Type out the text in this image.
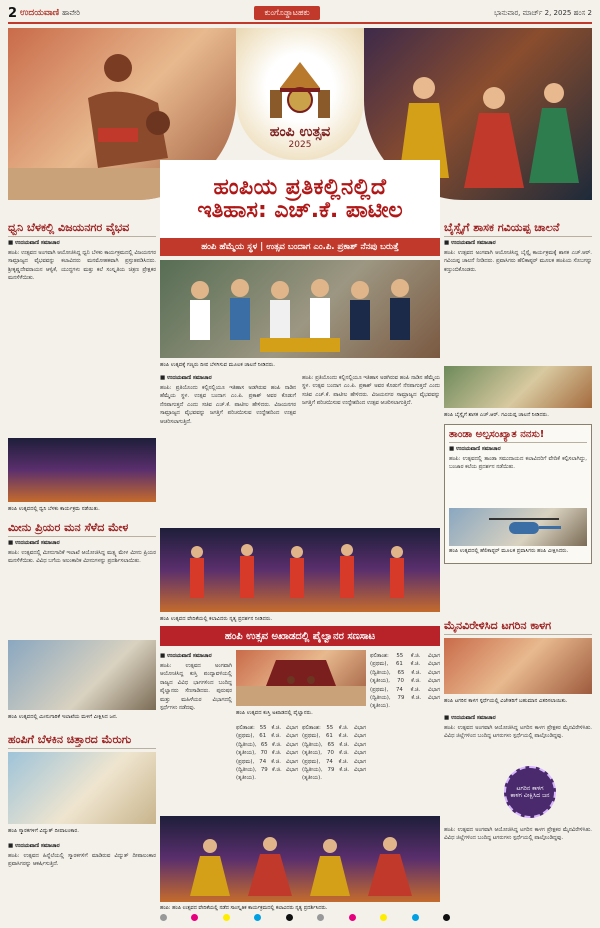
2 ಉದಯವಾಣಿ ಹಾವೇರಿ	ಕುಂಗೊಡ್ಡಾಟಹಕು	ಭಾನುವಾರ, ಮಾರ್ಚ್ 2, 2025 ಹಂಸ 2
ಹಂಪಿ ಉತ್ಸವ
2025
ಹಂಪಿಯ ಪ್ರತಿಕಲ್ಲಿನಲ್ಲಿದೆ
ಇತಿಹಾಸ: ಎಚ್.ಕೆ. ಪಾಟೀಲ
ಹಂಪಿ ಹೆಮ್ಮೆಯ ಸ್ಥಳ | ಉತ್ಸವ ಬಂದಾಗ ಎಂ.ಪಿ. ಪ್ರಕಾಶ್ ನೆನಪು ಬರುತ್ತೆ
ಧ್ವನಿ ಬೆಳಕಲ್ಲಿ ವಿಜಯನಗರ ವೈಭವ
■ ಉದಯವಾಣಿ ಸಮಾಚಾರ
ಹಂಪಿ: ಉತ್ಸವದ ಅಂಗವಾಗಿ ಆಯೋಜಿಸಿದ್ದ ಧ್ವನಿ ಬೆಳಕು ಕಾರ್ಯಕ್ರಮದಲ್ಲಿ ವಿಜಯನಗರ ಸಾಮ್ರಾಜ್ಯದ ವೈಭವವನ್ನು ಕಲಾವಿದರು ಮನಮೋಹಕವಾಗಿ ಪ್ರಸ್ತುತಪಡಿಸಿದರು. ಶ್ರೀಕೃಷ್ಣದೇವರಾಯನ ಆಳ್ವಿಕೆ, ಯುದ್ಧಗಳು ಮತ್ತು ಕಲೆ ಸಂಸ್ಕೃತಿಯ ಚಿತ್ರಣ ಪ್ರೇಕ್ಷಕರ ಮನಸೆಳೆಯಿತು.
ಹಂಪಿ ಉತ್ಸವದಲ್ಲಿ ಧ್ವನಿ ಬೆಳಕು ಕಾರ್ಯಕ್ರಮ ನಡೆಯಿತು.
ಮೀನು ಪ್ರಿಯರ ಮನ ಸೆಳೆದ ಮೇಳ
■ ಉದಯವಾಣಿ ಸಮಾಚಾರ
ಹಂಪಿ: ಉತ್ಸವದಲ್ಲಿ ಮೀನುಗಾರಿಕೆ ಇಲಾಖೆ ಆಯೋಜಿಸಿದ್ದ ಮತ್ಸ್ಯ ಮೇಳ ಮೀನು ಪ್ರಿಯರ ಮನಸೆಳೆಯಿತು. ವಿವಿಧ ಬಗೆಯ ಅಲಂಕಾರಿಕ ಮೀನುಗಳನ್ನು ಪ್ರದರ್ಶಿಸಲಾಯಿತು.
ಹಂಪಿ ಉತ್ಸವದಲ್ಲಿ ಮೀನುಗಾರಿಕೆ ಇಲಾಖೆಯ ಮಳಿಗೆ ವೀಕ್ಷಿಸಿದ ಜನ.
ಹಂಪಿಗೆ ಬೆಳಕಿನ ಚಿತ್ತಾರದ ಮೆರುಗು
ಹಂಪಿ ಸ್ಮಾರಕಗಳಿಗೆ ವಿದ್ಯುತ್ ದೀಪಾಲಂಕಾರ.
■ ಉದಯವಾಣಿ ಸಮಾಚಾರ
ಹಂಪಿ: ಉತ್ಸವದ ಹಿನ್ನೆಲೆಯಲ್ಲಿ ಸ್ಮಾರಕಗಳಿಗೆ ಮಾಡಿರುವ ವಿದ್ಯುತ್ ದೀಪಾಲಂಕಾರ ಪ್ರವಾಸಿಗರನ್ನು ಆಕರ್ಷಿಸುತ್ತಿದೆ.
ಹಂಪಿ ಉತ್ಸವಕ್ಕೆ ಗಣ್ಯರು ದೀಪ ಬೆಳಗಿಸುವ ಮೂಲಕ ಚಾಲನೆ ನೀಡಿದರು.
■ ಉದಯವಾಣಿ ಸಮಾಚಾರ
ಹಂಪಿ: ಪ್ರತಿಯೊಂದು ಕಲ್ಲಿನಲ್ಲಿಯೂ ಇತಿಹಾಸ ಅಡಗಿರುವ ಹಂಪಿ ನಾಡಿನ ಹೆಮ್ಮೆಯ ಸ್ಥಳ. ಉತ್ಸವ ಬಂದಾಗ ಎಂ.ಪಿ. ಪ್ರಕಾಶ್ ಅವರ ಕೊಡುಗೆ ನೆನಪಾಗುತ್ತದೆ ಎಂದು ಸಚಿವ ಎಚ್.ಕೆ. ಪಾಟೀಲ ಹೇಳಿದರು. ವಿಜಯನಗರ ಸಾಮ್ರಾಜ್ಯದ ವೈಭವವನ್ನು ಜಗತ್ತಿಗೆ ಪರಿಚಯಿಸುವ ಉದ್ದೇಶದಿಂದ ಉತ್ಸವ ಆಚರಿಸಲಾಗುತ್ತಿದೆ.
ಹಂಪಿ: ಪ್ರತಿಯೊಂದು ಕಲ್ಲಿನಲ್ಲಿಯೂ ಇತಿಹಾಸ ಅಡಗಿರುವ ಹಂಪಿ ನಾಡಿನ ಹೆಮ್ಮೆಯ ಸ್ಥಳ. ಉತ್ಸವ ಬಂದಾಗ ಎಂ.ಪಿ. ಪ್ರಕಾಶ್ ಅವರ ಕೊಡುಗೆ ನೆನಪಾಗುತ್ತದೆ ಎಂದು ಸಚಿವ ಎಚ್.ಕೆ. ಪಾಟೀಲ ಹೇಳಿದರು. ವಿಜಯನಗರ ಸಾಮ್ರಾಜ್ಯದ ವೈಭವವನ್ನು ಜಗತ್ತಿಗೆ ಪರಿಚಯಿಸುವ ಉದ್ದೇಶದಿಂದ ಉತ್ಸವ ಆಚರಿಸಲಾಗುತ್ತಿದೆ.
ಹಂಪಿ ಉತ್ಸವದ ವೇದಿಕೆಯಲ್ಲಿ ಕಲಾವಿದರು ನೃತ್ಯ ಪ್ರದರ್ಶನ ನೀಡಿದರು.
ಹಂಪಿ ಉತ್ಸವ ಅಖಾಡದಲ್ಲಿ ಪೈಲ್ವಾನರ ಸಣಸಾಟ
■ ಉದಯವಾಣಿ ಸಮಾಚಾರ
ಹಂಪಿ: ಉತ್ಸವದ ಅಂಗವಾಗಿ ಆಯೋಜಿಸಿದ್ದ ಕುಸ್ತಿ ಪಂದ್ಯಾವಳಿಯಲ್ಲಿ ರಾಜ್ಯದ ವಿವಿಧ ಭಾಗಗಳಿಂದ ಬಂದಿದ್ದ ಪೈಲ್ವಾನರು ಸೆಣಸಾಡಿದರು. ಪುರುಷರ ಮತ್ತು ಮಹಿಳೆಯರ ವಿಭಾಗದಲ್ಲಿ ಸ್ಪರ್ಧೆಗಳು ನಡೆದವು.
ಹಂಪಿ ಉತ್ಸವದ ಕುಸ್ತಿ ಅಖಾಡದಲ್ಲಿ ಪೈಲ್ವಾನರು.
ಫಲಿತಾಂಶ: 55 ಕೆ.ಜಿ. ವಿಭಾಗ (ಪ್ರಥಮ), 61 ಕೆ.ಜಿ. ವಿಭಾಗ (ದ್ವಿತೀಯ), 65 ಕೆ.ಜಿ. ವಿಭಾಗ (ತೃತೀಯ), 70 ಕೆ.ಜಿ. ವಿಭಾಗ (ಪ್ರಥಮ), 74 ಕೆ.ಜಿ. ವಿಭಾಗ (ದ್ವಿತೀಯ), 79 ಕೆ.ಜಿ. ವಿಭಾಗ (ತೃತೀಯ).
ಫಲಿತಾಂಶ: 55 ಕೆ.ಜಿ. ವಿಭಾಗ (ಪ್ರಥಮ), 61 ಕೆ.ಜಿ. ವಿಭಾಗ (ದ್ವಿತೀಯ), 65 ಕೆ.ಜಿ. ವಿಭಾಗ (ತೃತೀಯ), 70 ಕೆ.ಜಿ. ವಿಭಾಗ (ಪ್ರಥಮ), 74 ಕೆ.ಜಿ. ವಿಭಾಗ (ದ್ವಿತೀಯ), 79 ಕೆ.ಜಿ. ವಿಭಾಗ (ತೃತೀಯ).
ಫಲಿತಾಂಶ: 55 ಕೆ.ಜಿ. ವಿಭಾಗ (ಪ್ರಥಮ), 61 ಕೆ.ಜಿ. ವಿಭಾಗ (ದ್ವಿತೀಯ), 65 ಕೆ.ಜಿ. ವಿಭಾಗ (ತೃತೀಯ), 70 ಕೆ.ಜಿ. ವಿಭಾಗ (ಪ್ರಥಮ), 74 ಕೆ.ಜಿ. ವಿಭಾಗ (ದ್ವಿತೀಯ), 79 ಕೆ.ಜಿ. ವಿಭಾಗ (ತೃತೀಯ).
ಹಂಪಿ: ಹಂಪಿ ಉತ್ಸವದ ವೇದಿಕೆಯಲ್ಲಿ ನಡೆದ ಸಾಂಸ್ಕೃತಿಕ ಕಾರ್ಯಕ್ರಮದಲ್ಲಿ ಕಲಾವಿದರು ನೃತ್ಯ ಪ್ರದರ್ಶಿಸಿದರು.
ಬೈಸ್ಸೈಗೆ ಶಾಸಕ ಗವಿಯಪ್ಪ ಚಾಲನೆ
■ ಉದಯವಾಣಿ ಸಮಾಚಾರ
ಹಂಪಿ: ಉತ್ಸವದ ಅಂಗವಾಗಿ ಆಯೋಜಿಸಿದ್ದ ಬೈಸ್ಸೈ ಕಾರ್ಯಕ್ರಮಕ್ಕೆ ಶಾಸಕ ಎಚ್.ಆರ್. ಗವಿಯಪ್ಪ ಚಾಲನೆ ನೀಡಿದರು. ಪ್ರವಾಸಿಗರು ಹೆಲಿಕಾಪ್ಟರ್ ಮೂಲಕ ಹಂಪಿಯ ಸೊಬಗನ್ನು ಕಣ್ತುಂಬಿಕೊಂಡರು.
ಹಂಪಿ ಬೈಸ್ಸೈಗೆ ಶಾಸಕ ಎಚ್.ಆರ್. ಗವಿಯಪ್ಪ ಚಾಲನೆ ನೀಡಿದರು.
ತಾಂಡಾ ಅಲ್ಪಸಂಖ್ಯಾತ ನನಸು!
■ ಉದಯವಾಣಿ ಸಮಾಚಾರ
ಹಂಪಿ: ಉತ್ಸವದಲ್ಲಿ ತಾಂಡಾ ಸಮುದಾಯದ ಕಲಾವಿದರಿಗೆ ವೇದಿಕೆ ಕಲ್ಪಿಸಲಾಗಿದ್ದು, ಬಂಜಾರ ಕಲೆಯ ಪ್ರದರ್ಶನ ನಡೆಯಿತು.
ಹಂಪಿ ಉತ್ಸವದಲ್ಲಿ ಹೆಲಿಕಾಪ್ಟರ್ ಮೂಲಕ ಪ್ರವಾಸಿಗರು ಹಂಪಿ ವೀಕ್ಷಿಸಿದರು.
ಮೈನವಿರೇಳಿಸಿದ ಟಗರಿನ ಕಾಳಗ
ಹಂಪಿ ಟಗರಿನ ಕಾಳಗ ಸ್ಪರ್ಧೆಯಲ್ಲಿ ವಿಜೇತರಿಗೆ ಬಹುಮಾನ ವಿತರಿಸಲಾಯಿತು.
■ ಉದಯವಾಣಿ ಸಮಾಚಾರ
ಹಂಪಿ: ಉತ್ಸವದ ಅಂಗವಾಗಿ ಆಯೋಜಿಸಿದ್ದ ಟಗರಿನ ಕಾಳಗ ಪ್ರೇಕ್ಷಕರ ಮೈನವಿರೇಳಿಸಿತು. ವಿವಿಧ ಜಿಲ್ಲೆಗಳಿಂದ ಬಂದಿದ್ದ ಟಗರುಗಳು ಸ್ಪರ್ಧೆಯಲ್ಲಿ ಪಾಲ್ಗೊಂಡಿದ್ದವು.
ಟಗರಿನ ಕಾಳಗ ಕಾಳಗ ವೀಕ್ಷಿಸಿದ ಜನ
ಹಂಪಿ: ಉತ್ಸವದ ಅಂಗವಾಗಿ ಆಯೋಜಿಸಿದ್ದ ಟಗರಿನ ಕಾಳಗ ಪ್ರೇಕ್ಷಕರ ಮೈನವಿರೇಳಿಸಿತು. ವಿವಿಧ ಜಿಲ್ಲೆಗಳಿಂದ ಬಂದಿದ್ದ ಟಗರುಗಳು ಸ್ಪರ್ಧೆಯಲ್ಲಿ ಪಾಲ್ಗೊಂಡಿದ್ದವು.
